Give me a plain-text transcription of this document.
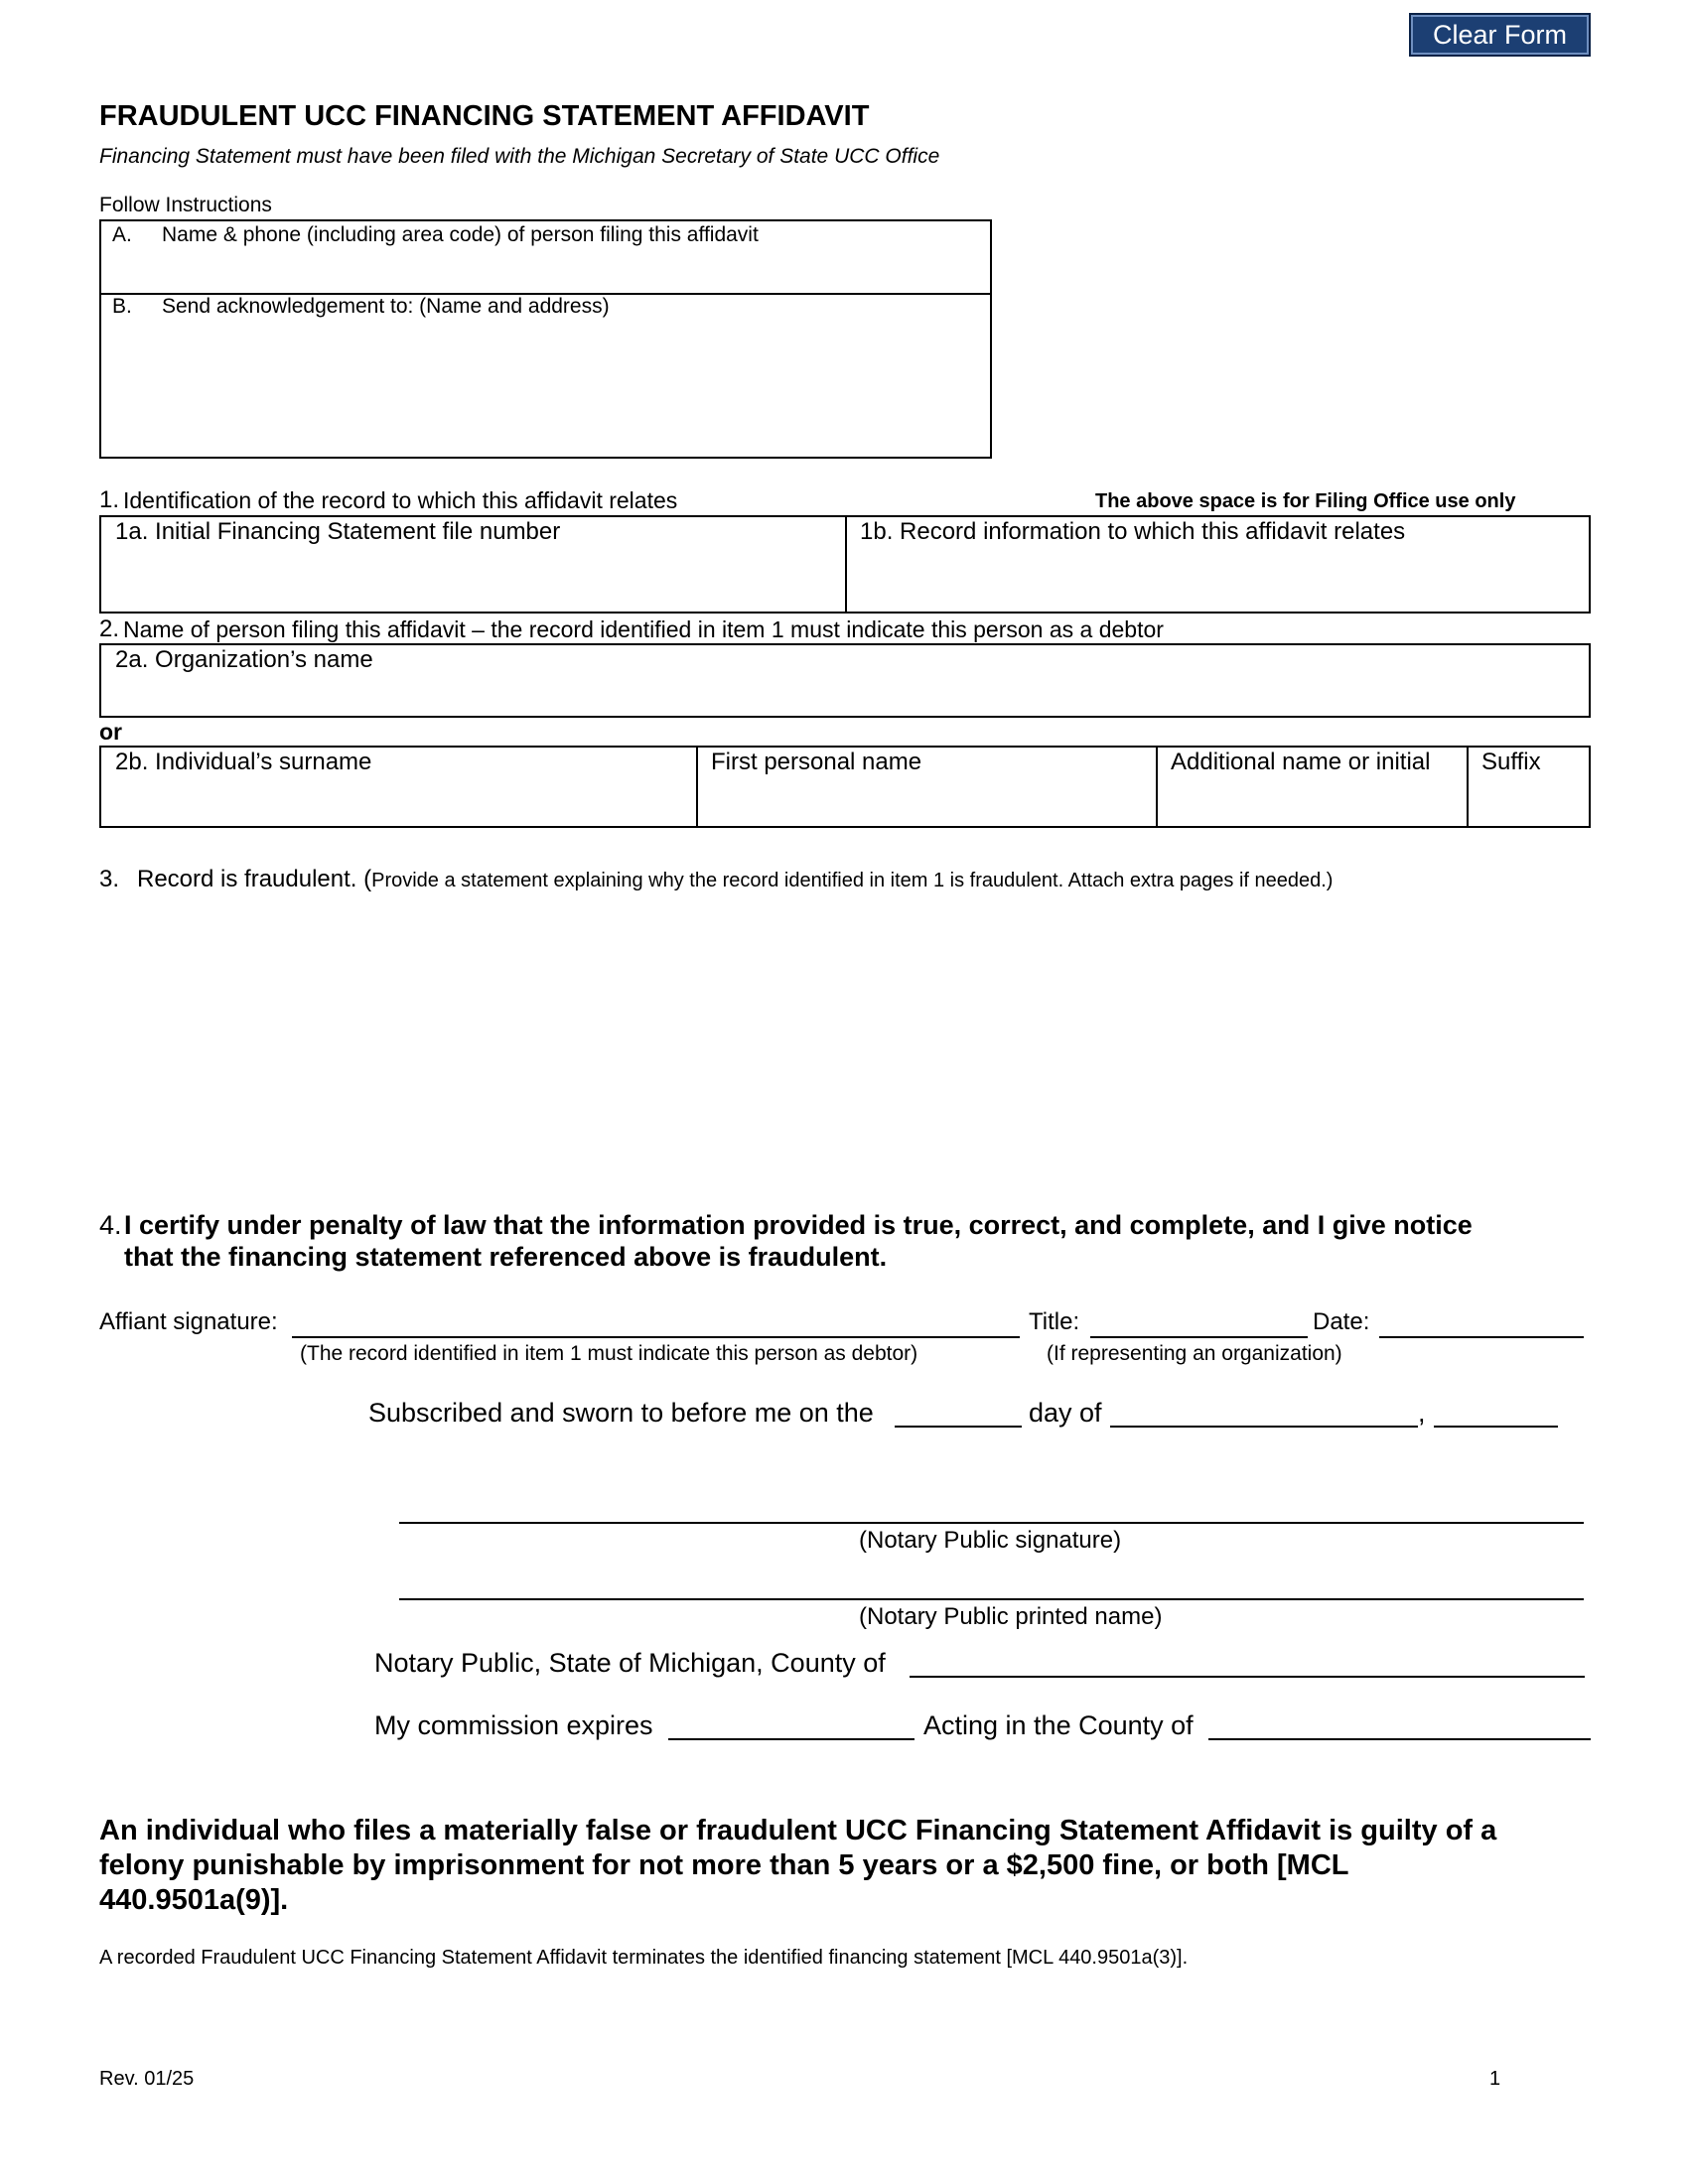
Clear Form
FRAUDULENT UCC FINANCING STATEMENT AFFIDAVIT
Financing Statement must have been filed with the Michigan Secretary of State UCC Office
Follow Instructions
A. Name & phone (including area code) of person filing this affidavit
B. Send acknowledgement to: (Name and address)
1. Identification of the record to which this affidavit relates	The above space is for Filing Office use only
1a. Initial Financing Statement file number	1b. Record information to which this affidavit relates
2. Name of person filing this affidavit – the record identified in item 1 must indicate this person as a debtor
2a. Organization’s name
or
2b. Individual’s surname	First personal name	Additional name or initial Suffix
3. Record is fraudulent. (Provide a statement explaining why the record identified in item 1 is fraudulent. Attach extra pages if needed.)
4. I certify under penalty of law that the information provided is true, correct, and complete, and I give notice
that the financing statement referenced above is fraudulent.
Affiant signature:
(The record identified in item 1 must indicate this person as debtor)
Title:
(If representing an organization)
Date:
Subscribed and sworn to before me on the	day of	,
(Notary Public signature)
(Notary Public printed name)
Notary Public, State of Michigan, County of
My commission expires	Acting in the County of
An individual who files a materially false or fraudulent UCC Financing Statement Affidavit is guilty of a
felony punishable by imprisonment for not more than 5 years or a $2,500 fine, or both [MCL
440.9501a(9)].
A recorded Fraudulent UCC Financing Statement Affidavit terminates the identified financing statement [MCL 440.9501a(3)].
Rev. 01/25	1
